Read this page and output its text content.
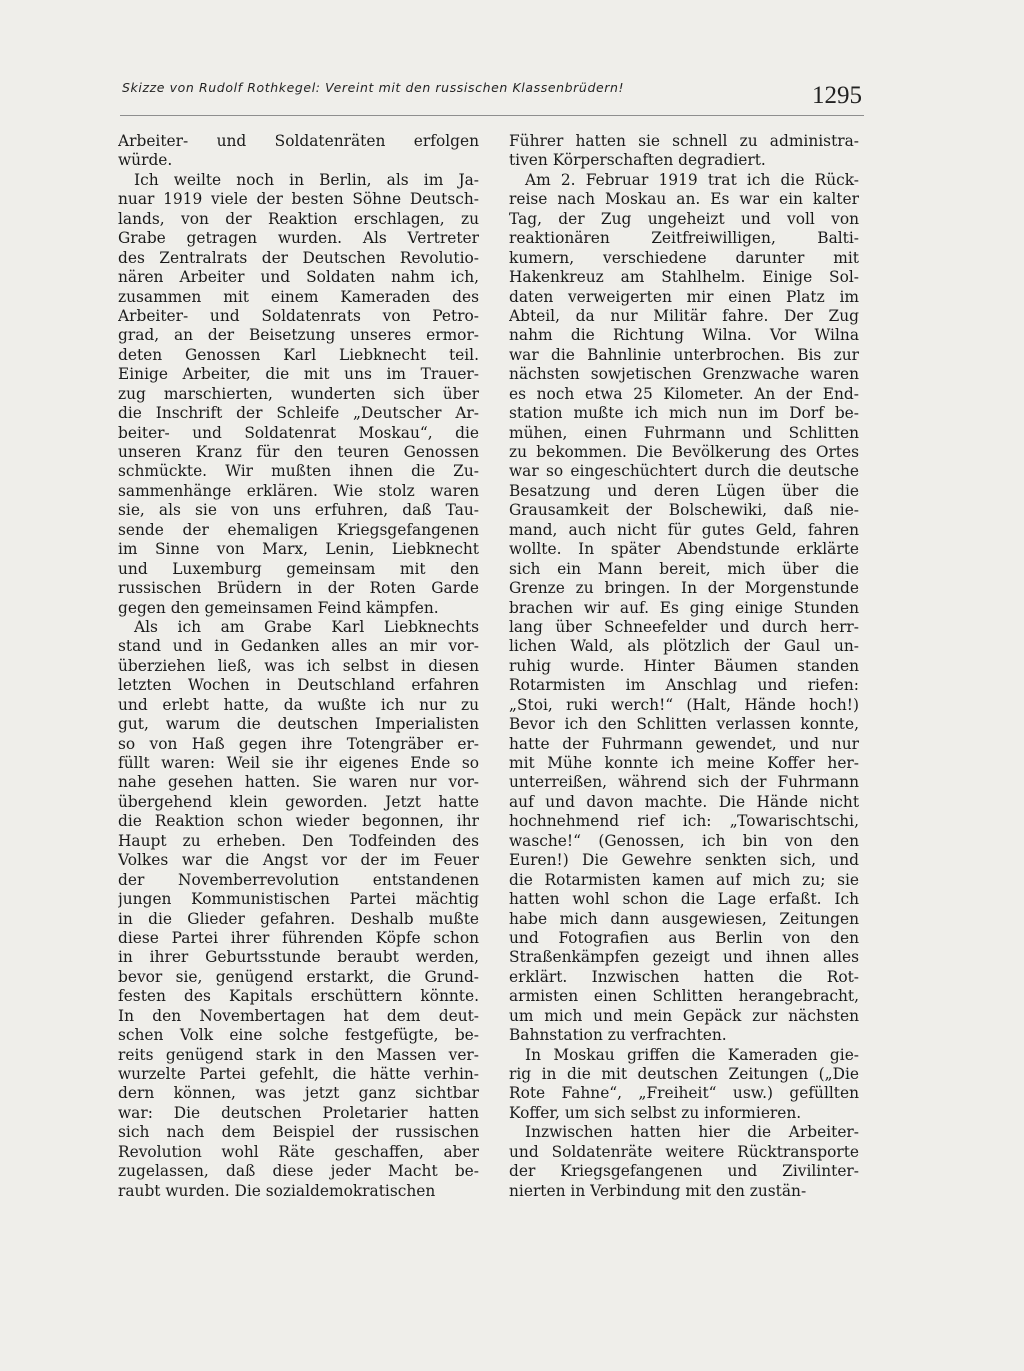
Skizze von Rudolf Rothkegel: Vereint mit den russischen Klassenbrüdern!	1295
Arbeiter- und Soldatenräten erfolgen
würde.
Ich weilte noch in Berlin, als im Ja-
nuar 1919 viele der besten Söhne Deutsch-
lands, von der Reaktion erschlagen, zu
Grabe getragen wurden. Als Vertreter
des Zentralrats der Deutschen Revolutio-
nären Arbeiter und Soldaten nahm ich,
zusammen mit einem Kameraden des
Arbeiter- und Soldatenrats von Petro-
grad, an der Beisetzung unseres ermor-
deten Genossen Karl Liebknecht teil.
Einige Arbeiter, die mit uns im Trauer-
zug marschierten, wunderten sich über
die Inschrift der Schleife „Deutscher Ar-
beiter- und Soldatenrat Moskau“, die
unseren Kranz für den teuren Genossen
schmückte. Wir mußten ihnen die Zu-
sammenhänge erklären. Wie stolz waren
sie, als sie von uns erfuhren, daß Tau-
sende der ehemaligen Kriegsgefangenen
im Sinne von Marx, Lenin, Liebknecht
und Luxemburg gemeinsam mit den
russischen Brüdern in der Roten Garde
gegen den gemeinsamen Feind kämpfen.
Als ich am Grabe Karl Liebknechts
stand und in Gedanken alles an mir vor-
überziehen ließ, was ich selbst in diesen
letzten Wochen in Deutschland erfahren
und erlebt hatte, da wußte ich nur zu
gut, warum die deutschen Imperialisten
so von Haß gegen ihre Totengräber er-
füllt waren: Weil sie ihr eigenes Ende so
nahe gesehen hatten. Sie waren nur vor-
übergehend klein geworden. Jetzt hatte
die Reaktion schon wieder begonnen, ihr
Haupt zu erheben. Den Todfeinden des
Volkes war die Angst vor der im Feuer
der Novemberrevolution entstandenen
jungen Kommunistischen Partei mächtig
in die Glieder gefahren. Deshalb mußte
diese Partei ihrer führenden Köpfe schon
in ihrer Geburtsstunde beraubt werden,
bevor sie, genügend erstarkt, die Grund-
festen des Kapitals erschüttern könnte.
In den Novembertagen hat dem deut-
schen Volk eine solche festgefügte, be-
reits genügend stark in den Massen ver-
wurzelte Partei gefehlt, die hätte verhin-
dern können, was jetzt ganz sichtbar
war: Die deutschen Proletarier hatten
sich nach dem Beispiel der russischen
Revolution wohl Räte geschaffen, aber
zugelassen, daß diese jeder Macht be-
raubt wurden. Die sozialdemokratischen
Führer hatten sie schnell zu administra-
tiven Körperschaften degradiert.
Am 2. Februar 1919 trat ich die Rück-
reise nach Moskau an. Es war ein kalter
Tag, der Zug ungeheizt und voll von
reaktionären Zeitfreiwilligen, Balti-
kumern, verschiedene darunter mit
Hakenkreuz am Stahlhelm. Einige Sol-
daten verweigerten mir einen Platz im
Abteil, da nur Militär fahre. Der Zug
nahm die Richtung Wilna. Vor Wilna
war die Bahnlinie unterbrochen. Bis zur
nächsten sowjetischen Grenzwache waren
es noch etwa 25 Kilometer. An der End-
station mußte ich mich nun im Dorf be-
mühen, einen Fuhrmann und Schlitten
zu bekommen. Die Bevölkerung des Ortes
war so eingeschüchtert durch die deutsche
Besatzung und deren Lügen über die
Grausamkeit der Bolschewiki, daß nie-
mand, auch nicht für gutes Geld, fahren
wollte. In später Abendstunde erklärte
sich ein Mann bereit, mich über die
Grenze zu bringen. In der Morgenstunde
brachen wir auf. Es ging einige Stunden
lang über Schneefelder und durch herr-
lichen Wald, als plötzlich der Gaul un-
ruhig wurde. Hinter Bäumen standen
Rotarmisten im Anschlag und riefen:
„Stoi, ruki werch!“ (Halt, Hände hoch!)
Bevor ich den Schlitten verlassen konnte,
hatte der Fuhrmann gewendet, und nur
mit Mühe konnte ich meine Koffer her-
unterreißen, während sich der Fuhrmann
auf und davon machte. Die Hände nicht
hochnehmend rief ich: „Towarischtschi,
wasche!“ (Genossen, ich bin von den
Euren!) Die Gewehre senkten sich, und
die Rotarmisten kamen auf mich zu; sie
hatten wohl schon die Lage erfaßt. Ich
habe mich dann ausgewiesen, Zeitungen
und Fotografien aus Berlin von den
Straßenkämpfen gezeigt und ihnen alles
erklärt. Inzwischen hatten die Rot-
armisten einen Schlitten herangebracht,
um mich und mein Gepäck zur nächsten
Bahnstation zu verfrachten.
In Moskau griffen die Kameraden gie-
rig in die mit deutschen Zeitungen („Die
Rote Fahne“, „Freiheit“ usw.) gefüllten
Koffer, um sich selbst zu informieren.
Inzwischen hatten hier die Arbeiter-
und Soldatenräte weitere Rücktransporte
der Kriegsgefangenen und Zivilinter-
nierten in Verbindung mit den zustän-
